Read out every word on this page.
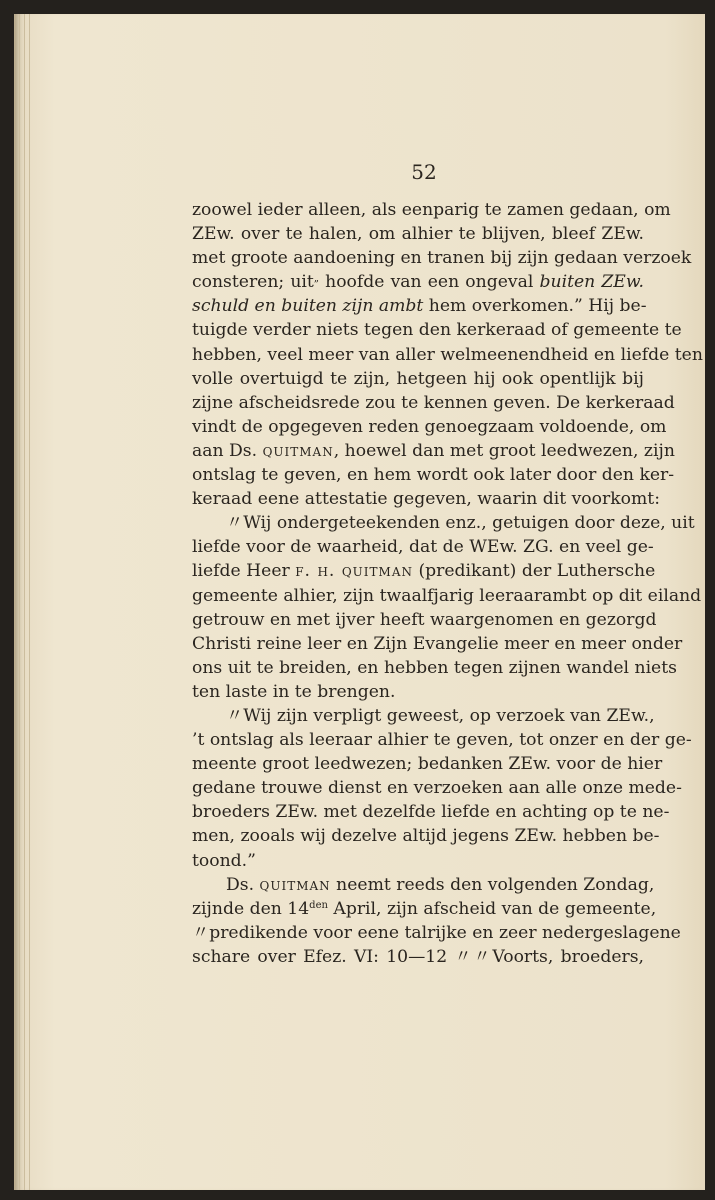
52

zoowel ieder alleen, als eenparig te zamen gedaan, om
ZEw. over te halen, om alhier te blijven, bleef ZEw.
met groote aandoening en tranen bij zijn gedaan verzoek
consteren; uit„ hoofde van een ongeval buiten ZEw.
schuld en buiten zijn ambt hem overkomen.” Hij be-
tuigde verder niets tegen den kerkeraad of gemeente te
hebben, veel meer van aller welmeenendheid en liefde ten
volle overtuigd te zijn, hetgeen hij ook opentlijk bij
zijne afscheidsrede zou te kennen geven. De kerkeraad
vindt de opgegeven reden genoegzaam voldoende, om
aan Ds. quitman, hoewel dan met groot leedwezen, zijn
ontslag te geven, en hem wordt ook later door den ker-
keraad eene attestatie gegeven, waarin dit voorkomt:
〃Wij ondergeteekenden enz., getuigen door deze, uit
liefde voor de waarheid, dat de WEw. ZG. en veel ge-
liefde Heer f. h. quitman (predikant) der Luthersche
gemeente alhier, zijn twaalfjarig leeraarambt op dit eiland
getrouw en met ijver heeft waargenomen en gezorgd
Christi reine leer en Zijn Evangelie meer en meer onder
ons uit te breiden, en hebben tegen zijnen wandel niets
ten laste in te brengen.
〃Wij zijn verpligt geweest, op verzoek van ZEw.,
’t ontslag als leeraar alhier te geven, tot onzer en der ge-
meente groot leedwezen; bedanken ZEw. voor de hier
gedane trouwe dienst en verzoeken aan alle onze mede-
broeders ZEw. met dezelfde liefde en achting op te ne-
men, zooals wij dezelve altijd jegens ZEw. hebben be-
toond.”
Ds. quitman neemt reeds den volgenden Zondag,
zijnde den $14^{den}$ April, zijn afscheid van de gemeente,
〃predikende voor eene talrijke en zeer nedergeslagene
schare over Efez. VI: 10—12 〃〃Voorts, broeders,
